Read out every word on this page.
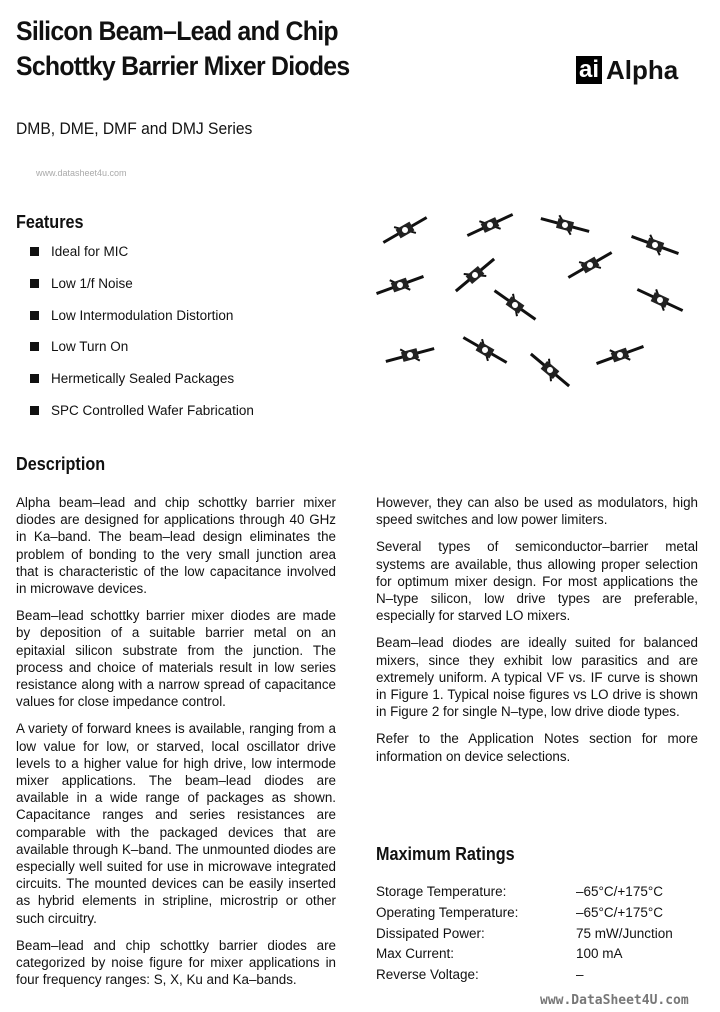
Silicon Beam–Lead and Chip
Schottky Barrier Mixer Diodes	ai Alpha
DMB, DME, DMF and DMJ Series
www.datasheet4u.com
Features
Ideal for MIC
Low 1/f Noise
Low Intermodulation Distortion
Low Turn On
Hermetically Sealed Packages
SPC Controlled Wafer Fabrication
Description

Alpha beam–lead and chip schottky barrier mixer diodes are designed for applications through 40 GHz in Ka–band. The beam–lead design eliminates the problem of bonding to the very small junction area that is characteristic of the low capacitance involved in microwave devices.

Beam–lead schottky barrier mixer diodes are made by deposition of a suitable barrier metal on an epitaxial silicon substrate from the junction. The process and choice of materials result in low series resistance along with a narrow spread of capacitance values for close impedance control.

A variety of forward knees is available, ranging from a low value for low, or starved, local oscillator drive levels to a higher value for high drive, low intermode mixer applications. The beam–lead diodes are available in a wide range of packages as shown. Capacitance ranges and series resistances are comparable with the packaged devices that are available through K–band. The unmounted diodes are especially well suited for use in microwave integrated circuits. The mounted devices can be easily inserted as hybrid elements in stripline, microstrip or other such circuitry.

Beam–lead and chip schottky barrier diodes are categorized by noise figure for mixer applications in four frequency ranges: S, X, Ku and Ka–bands.

However, they can also be used as modulators, high speed switches and low power limiters.

Several types of semiconductor–barrier metal systems are available, thus allowing proper selection for optimum mixer design. For most applications the N–type silicon, low drive types are preferable, especially for starved LO mixers.

Beam–lead diodes are ideally suited for balanced mixers, since they exhibit low parasitics and are extremely uniform. A typical VF vs. IF curve is shown in Figure 1. Typical noise figures vs LO drive is shown in Figure 2 for single N–type, low drive diode types.

Refer to the Application Notes section for more information on device selections.

Maximum Ratings
Storage Temperature:	–65°C/+175°C
Operating Temperature:	–65°C/+175°C
Dissipated Power:	75 mW/Junction
Max Current:	100 mA
Reverse Voltage:	–
www.DataSheet4U.com
